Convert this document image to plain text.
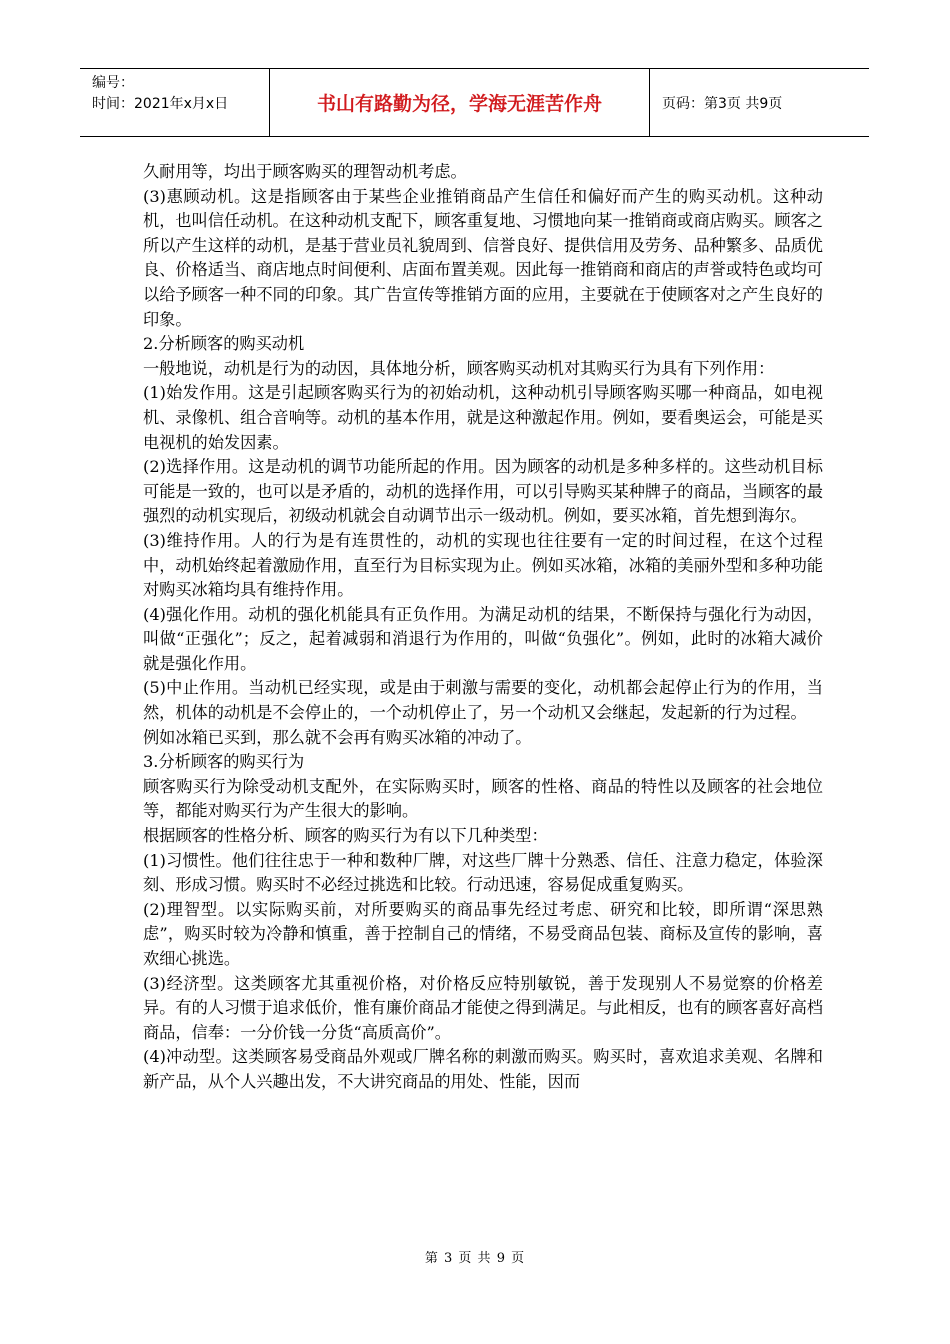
编号：
时间：2021年x月x日	书山有路勤为径，学海无涯苦作舟	页码：第3页 共9页

久耐用等，均出于顾客购买的理智动机考虑。

(3)惠顾动机。这是指顾客由于某些企业推销商品产生信任和偏好而产生的购买动机。这种动机，也叫信任动机。在这种动机支配下，顾客重复地、习惯地向某一推销商或商店购买。顾客之所以产生这样的动机，是基于营业员礼貌周到、信誉良好、提供信用及劳务、品种繁多、品质优良、价格适当、商店地点时间便利、店面布置美观。因此每一推销商和商店的声誉或特色或均可以给予顾客一种不同的印象。其广告宣传等推销方面的应用，主要就在于使顾客对之产生良好的印象。

2.分析顾客的购买动机

一般地说，动机是行为的动因，具体地分析，顾客购买动机对其购买行为具有下列作用：

(1)始发作用。这是引起顾客购买行为的初始动机，这种动机引导顾客购买哪一种商品，如电视机、录像机、组合音响等。动机的基本作用，就是这种激起作用。例如，要看奥运会，可能是买电视机的始发因素。

(2)选择作用。这是动机的调节功能所起的作用。因为顾客的动机是多种多样的。这些动机目标可能是一致的，也可以是矛盾的，动机的选择作用，可以引导购买某种牌子的商品，当顾客的最强烈的动机实现后，初级动机就会自动调节出示一级动机。例如，要买冰箱，首先想到海尔。

(3)维持作用。人的行为是有连贯性的，动机的实现也往往要有一定的时间过程，在这个过程中，动机始终起着激励作用，直至行为目标实现为止。例如买冰箱，冰箱的美丽外型和多种功能对购买冰箱均具有维持作用。

(4)强化作用。动机的强化机能具有正负作用。为满足动机的结果，不断保持与强化行为动因，叫做“正强化”；反之，起着减弱和消退行为作用的，叫做“负强化”。例如，此时的冰箱大减价就是强化作用。

(5)中止作用。当动机已经实现，或是由于刺激与需要的变化，动机都会起停止行为的作用，当然，机体的动机是不会停止的，一个动机停止了，另一个动机又会继起，发起新的行为过程。

例如冰箱已买到，那么就不会再有购买冰箱的冲动了。

3.分析顾客的购买行为

顾客购买行为除受动机支配外，在实际购买时，顾客的性格、商品的特性以及顾客的社会地位等，都能对购买行为产生很大的影响。

根据顾客的性格分析、顾客的购买行为有以下几种类型：

(1)习惯性。他们往往忠于一种和数种厂牌，对这些厂牌十分熟悉、信任、注意力稳定，体验深刻、形成习惯。购买时不必经过挑选和比较。行动迅速，容易促成重复购买。

(2)理智型。以实际购买前，对所要购买的商品事先经过考虑、研究和比较，即所谓“深思熟虑”，购买时较为冷静和慎重，善于控制自己的情绪，不易受商品包装、商标及宣传的影响，喜欢细心挑选。

(3)经济型。这类顾客尤其重视价格，对价格反应特别敏锐，善于发现别人不易觉察的价格差异。有的人习惯于追求低价，惟有廉价商品才能使之得到满足。与此相反，也有的顾客喜好高档商品，信奉：一分价钱一分货“高质高价”。

(4)冲动型。这类顾客易受商品外观或厂牌名称的刺激而购买。购买时，喜欢追求美观、名牌和新产品，从个人兴趣出发，不大讲究商品的用处、性能，因而

第 3 页 共 9 页
